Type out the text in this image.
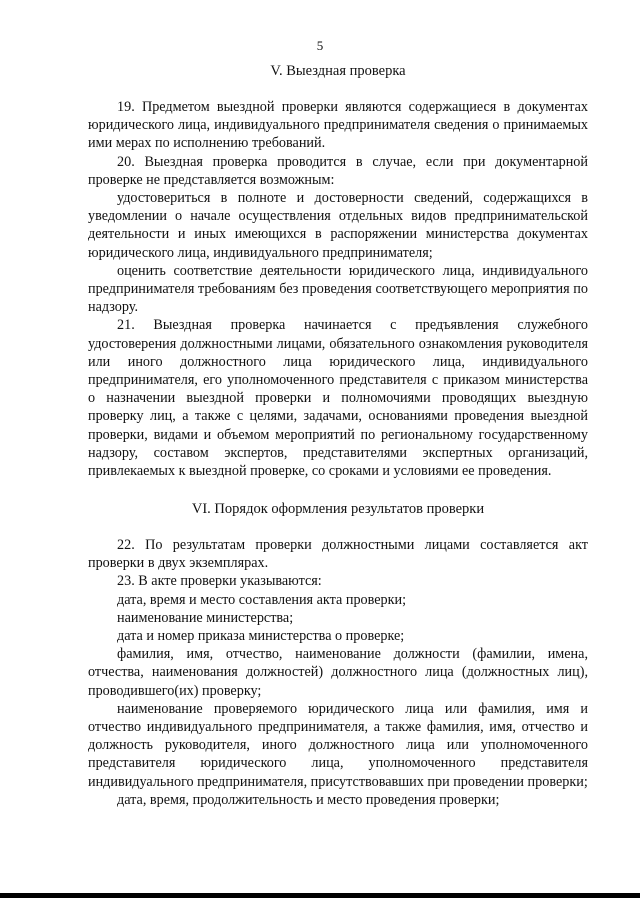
5
V. Выездная проверка

19. Предметом выездной проверки являются содержащиеся в документах юридического лица, индивидуального предпринимателя сведения о принимаемых ими мерах по исполнению требований.

20. Выездная проверка проводится в случае, если при документарной проверке не представляется возможным:

удостовериться в полноте и достоверности сведений, содержащихся в уведомлении о начале осуществления отдельных видов предпринимательской деятельности и иных имеющихся в распоряжении министерства документах юридического лица, индивидуального предпринимателя;

оценить соответствие деятельности юридического лица, индивидуального предпринимателя требованиям без проведения соответствующего мероприятия по надзору.

21. Выездная проверка начинается с предъявления служебного удостоверения должностными лицами, обязательного ознакомления руководителя или иного должностного лица юридического лица, индивидуального предпринимателя, его уполномоченного представителя с приказом министерства о назначении выездной проверки и полномочиями проводящих выездную проверку лиц, а также с целями, задачами, основаниями проведения выездной проверки, видами и объемом мероприятий по региональному государственному надзору, составом экспертов, представителями экспертных организаций, привлекаемых к выездной проверке, со сроками и условиями ее проведения.

VI. Порядок оформления результатов проверки

22. По результатам проверки должностными лицами составляется акт проверки в двух экземплярах.

23. В акте проверки указываются:

дата, время и место составления акта проверки;

наименование министерства;

дата и номер приказа министерства о проверке;

фамилия, имя, отчество, наименование должности (фамилии, имена, отчества, наименования должностей) должностного лица (должностных лиц), проводившего(их) проверку;

наименование проверяемого юридического лица или фамилия, имя и отчество индивидуального предпринимателя, а также фамилия, имя, отчество и должность руководителя, иного должностного лица или уполномоченного представителя юридического лица, уполномоченного представителя индивидуального предпринимателя, присутствовавших при проведении проверки;

дата, время, продолжительность и место проведения проверки;
